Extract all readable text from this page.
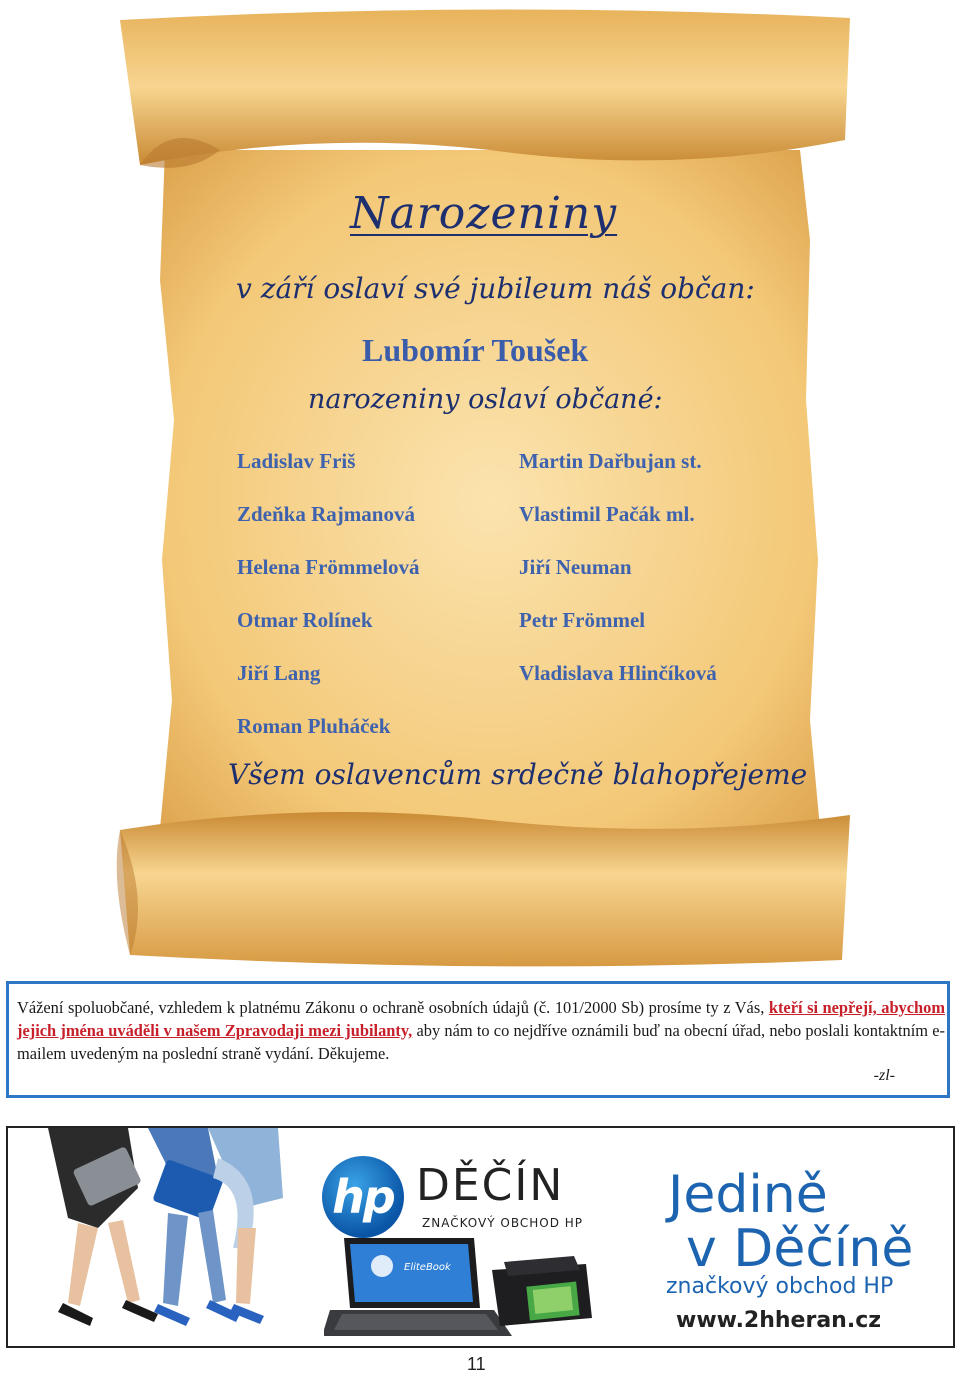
Narozeniny
v září oslaví své jubileum náš občan:
Lubomír Toušek
narozeniny oslaví občané:
Ladislav Friš
Zdeňka Rajmanová
Helena Frömmelová
Otmar Rolínek
Jiří Lang
Roman Pluháček
Martin Dařbujan st.
Vlastimil Pačák ml.
Jiří Neuman
Petr Frömmel
Vladislava Hlinčíková
Všem oslavencům srdečně blahopřejeme
Vážení spoluobčané, vzhledem k platnému Zákonu o ochraně osobních údajů (č. 101/2000 Sb) prosíme ty z Vás, kteří si nepřejí, abychom jejich jména uváděli v našem Zpravodaji mezi jubilanty, aby nám to co nejdříve oznámili buď na obecní úřad, nebo poslali kontaktním e-mailem uvedeným na poslední straně vydání. Děkujeme.
-zl-
hp DĚČÍN
ZNAČKOVÝ OBCHOD HP
EliteBook
Jedině
v Děčíně
značkový obchod HP
www.2hheran.cz
11
